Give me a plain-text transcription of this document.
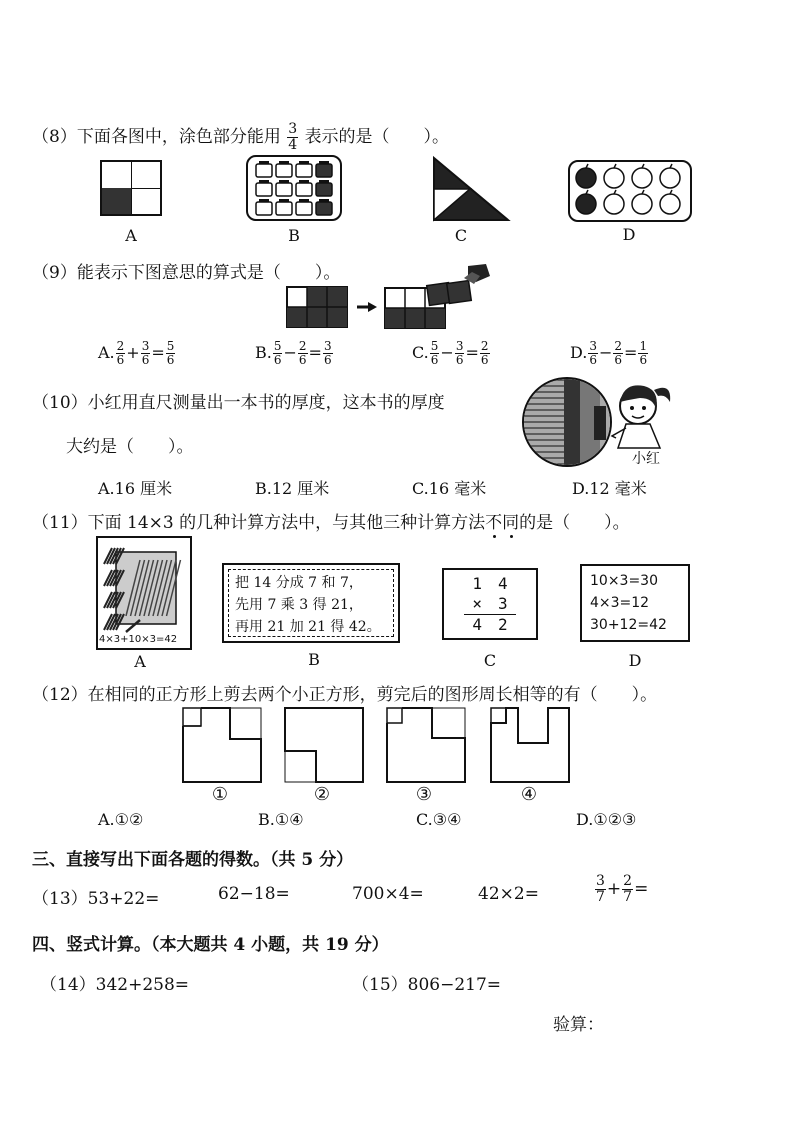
（8）下面各图中，涂色部分能用 $\frac{3}{4}$ 表示的是（　　）。
A	B	C	D
（9）能表示下图意思的算式是（　　）。
A. $\frac{2}{6} + \frac{3}{6} = \frac{5}{6}$	B. $\frac{5}{6} - \frac{2}{6} = \frac{3}{6}$	C. $\frac{5}{6} - \frac{3}{6} = \frac{2}{6}$	D. $\frac{3}{6} - \frac{2}{6} = \frac{1}{6}$
（10）小红用直尺测量出一本书的厚度，这本书的厚度
大约是（　　）。
小红
A.16 厘米	B.12 厘米	C.16 毫米	D.12 毫米
（11）下面 14×3 的几种计算方法中，与其他三种计算方法不同的是（　　）。
4×3+10×3=42
A
把 14 分成 7 和 7，
先用 7 乘 3 得 21，
再用 21 加 21 得 42。
B
1　4
×　3
4　2
C
10×3=30
4×3=12
30+12=42
D
（12）在相同的正方形上剪去两个小正方形，剪完后的图形周长相等的有（　　）。
①	②	③	④
A.①②	B.①④	C.③④	D.①②③
三、直接写出下面各题的得数。（共 5 分）
（13）53+22=	62−18=	700×4=	42×2=	$\frac{3}{7} + \frac{2}{7}$ =
四、竖式计算。（本大题共 4 小题，共 19 分）
（14）342+258=	（15）806−217=
验算：
